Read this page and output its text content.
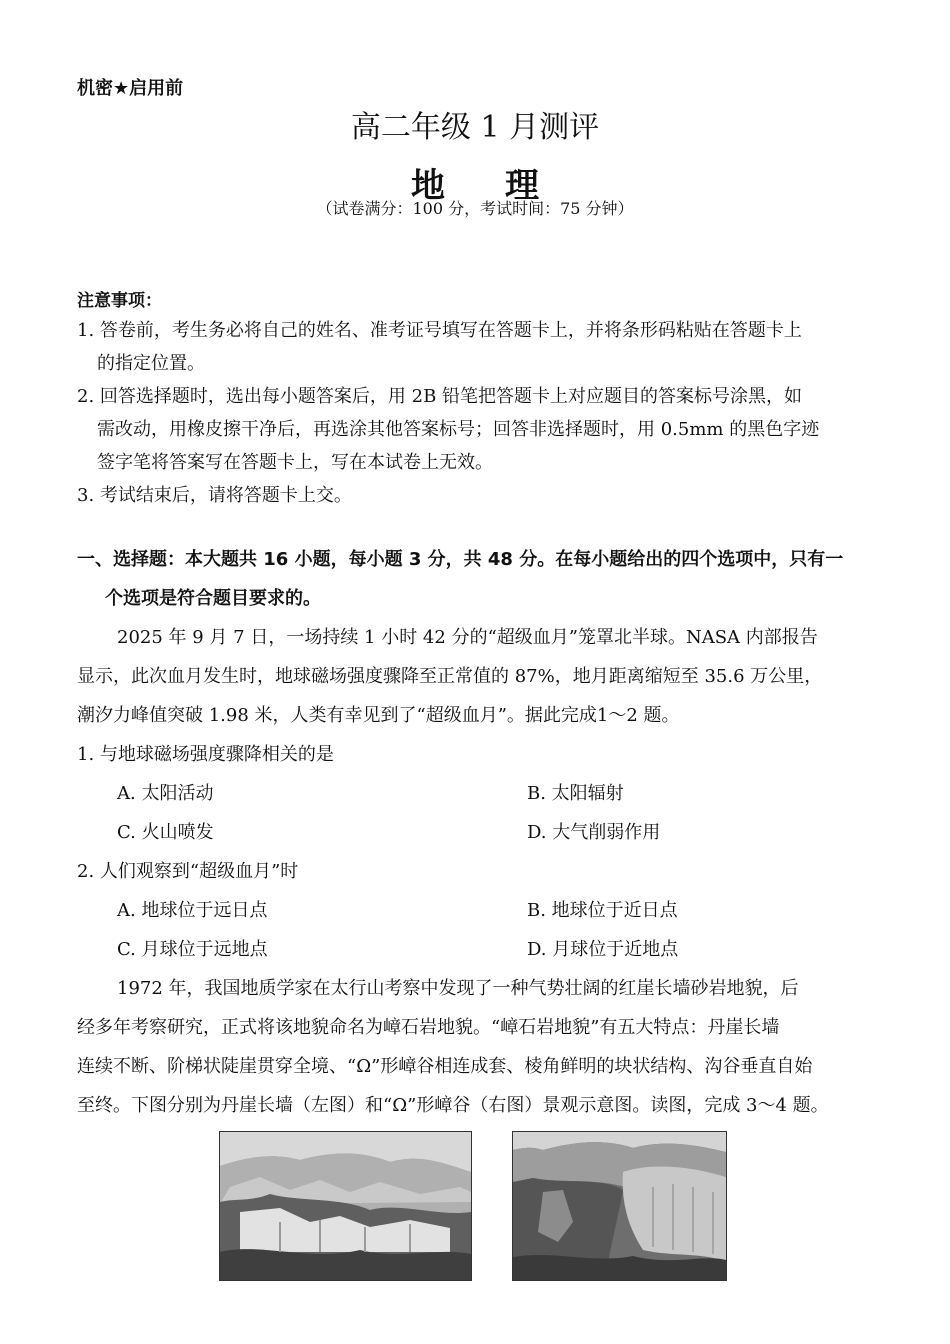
机密★启用前
高二年级 1 月测评
地理
（试卷满分：100 分，考试时间：75 分钟）
注意事项：
1. 答卷前，考生务必将自己的姓名、准考证号填写在答题卡上，并将条形码粘贴在答题卡上
的指定位置。
2. 回答选择题时，选出每小题答案后，用 2B 铅笔把答题卡上对应题目的答案标号涂黑，如
需改动，用橡皮擦干净后，再选涂其他答案标号；回答非选择题时，用 0.5mm 的黑色字迹
签字笔将答案写在答题卡上，写在本试卷上无效。
3. 考试结束后，请将答题卡上交。
一、选择题：本大题共 16 小题，每小题 3 分，共 48 分。在每小题给出的四个选项中，只有一
个选项是符合题目要求的。
2025 年 9 月 7 日，一场持续 1 小时 42 分的“超级血月”笼罩北半球。NASA 内部报告
显示，此次血月发生时，地球磁场强度骤降至正常值的 87%，地月距离缩短至 35.6 万公里，
潮汐力峰值突破 1.98 米，人类有幸见到了“超级血月”。据此完成1～2 题。
1. 与地球磁场强度骤降相关的是
A. 太阳活动	B. 太阳辐射
C. 火山喷发	D. 大气削弱作用
2. 人们观察到“超级血月”时
A. 地球位于远日点	B. 地球位于近日点
C. 月球位于远地点	D. 月球位于近地点
1972 年，我国地质学家在太行山考察中发现了一种气势壮阔的红崖长墙砂岩地貌，后
经多年考察研究，正式将该地貌命名为嶂石岩地貌。“嶂石岩地貌”有五大特点：丹崖长墙
连续不断、阶梯状陡崖贯穿全境、“Ω”形嶂谷相连成套、棱角鲜明的块状结构、沟谷垂直自始
至终。下图分别为丹崖长墙（左图）和“Ω”形嶂谷（右图）景观示意图。读图，完成 3～4 题。
